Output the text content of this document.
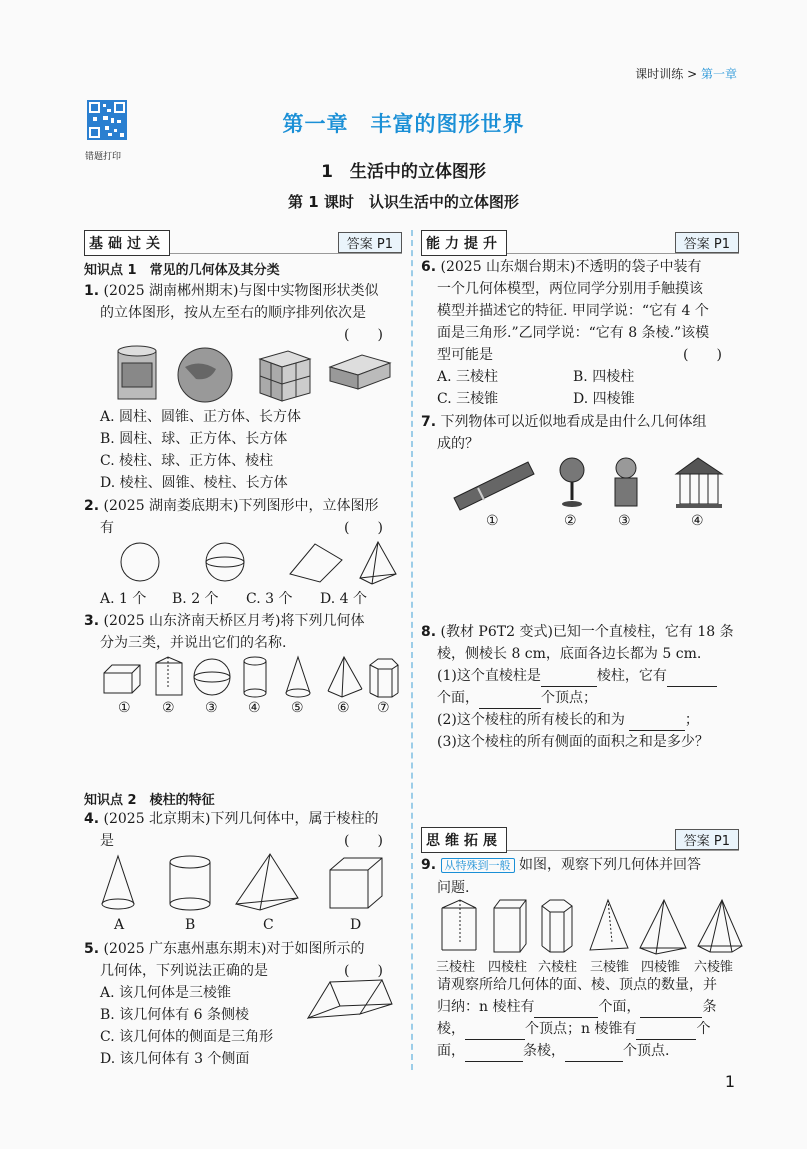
课时训练 > 第一章
错题打印
第一章　丰富的图形世界
1　生活中的立体图形
第 1 课时　认识生活中的立体图形
基础过关	答案 P1
知识点 1　常见的几何体及其分类
1. (2025 湖南郴州期末)与图中实物图形状类似
的立体图形，按从左至右的顺序排列依次是
(　　)
A. 圆柱、圆锥、正方体、长方体
B. 圆柱、球、正方体、长方体
C. 棱柱、球、正方体、棱柱
D. 棱柱、圆锥、棱柱、长方体
2. (2025 湖南娄底期末)下列图形中，立体图形
有	(　　)
A. 1 个 B. 2 个 C. 3 个 D. 4 个
3. (2025 山东济南天桥区月考)将下列几何体
分为三类，并说出它们的名称.
① ② ③ ④ ⑤ ⑥ ⑦
知识点 2　棱柱的特征
4. (2025 北京期末)下列几何体中，属于棱柱的
是	(　　)
A	B	C	D
5. (2025 广东惠州惠东期末)对于如图所示的
几何体，下列说法正确的是	(　　)
A. 该几何体是三棱锥
B. 该几何体有 6 条侧棱
C. 该几何体的侧面是三角形
D. 该几何体有 3 个侧面
能力提升	答案 P1
6. (2025 山东烟台期末)不透明的袋子中装有
一个几何体模型，两位同学分别用手触摸该
模型并描述它的特征. 甲同学说：“它有 4 个
面是三角形.”乙同学说：“它有 8 条棱.”该模
型可能是	(　　)
A. 三棱柱	B. 四棱柱
C. 三棱锥	D. 四棱锥
7. 下列物体可以近似地看成是由什么几何体组
成的？
①	②	③	④
8. (教材 P6T2 变式)已知一个直棱柱，它有 18 条
棱，侧棱长 8 cm，底面各边长都为 5 cm.
(1)这个直棱柱是	棱柱，它有
个面，	个顶点；
(2)这个棱柱的所有棱长的和为	；
(3)这个棱柱的所有侧面的面积之和是多少？
思维拓展	答案 P1
9. 从特殊到一般 如图，观察下列几何体并回答
问题.
三棱柱 四棱柱 六棱柱 三棱锥 四棱锥 六棱锥
请观察所给几何体的面、棱、顶点的数量，并
归纳：n 棱柱有	个面，	条
棱，	个顶点；n 棱锥有	个
面，	条棱，	个顶点.
1
